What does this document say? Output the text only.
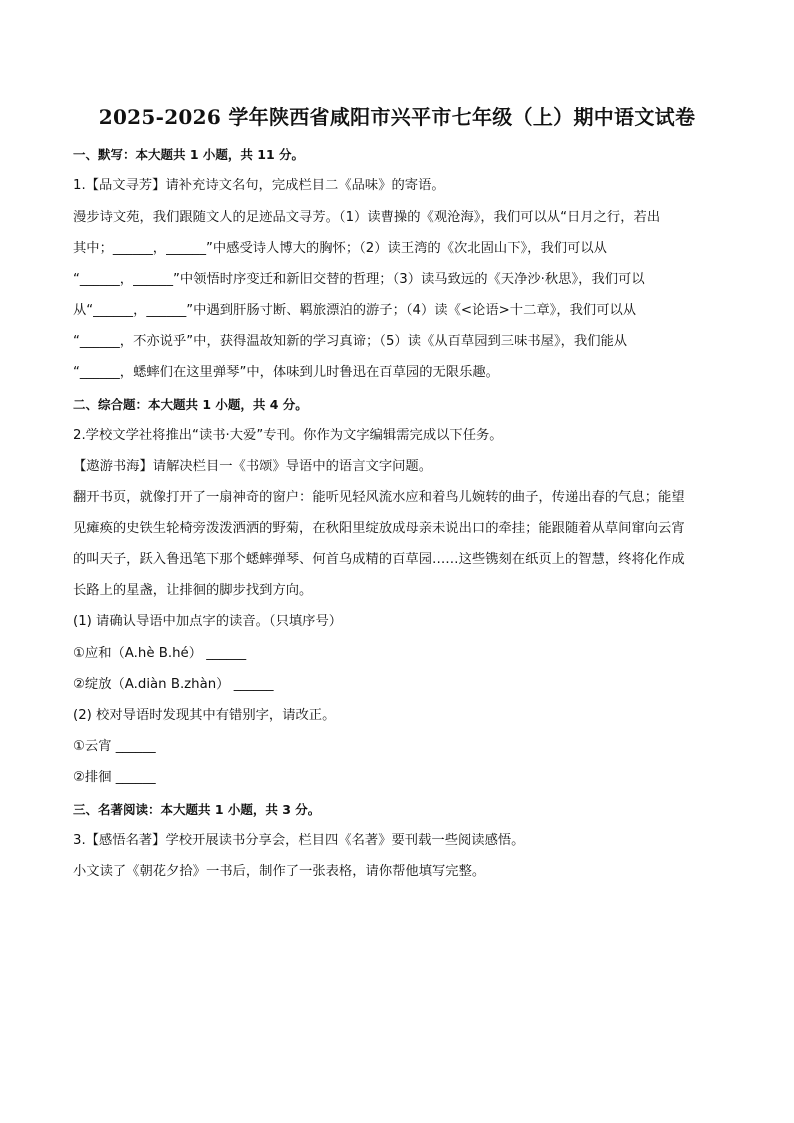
2025-2026 学年陕西省咸阳市兴平市七年级（上）期中语文试卷
一、默写：本大题共 1 小题，共 11 分。
1.【品文寻芳】请补充诗文名句，完成栏目二《品味》的寄语。
漫步诗文苑，我们跟随文人的足迹品文寻芳。（1）读曹操的《观沧海》，我们可以从“日月之行，若出
其中；______，______”中感受诗人博大的胸怀；（2）读王湾的《次北固山下》，我们可以从
“______，______”中领悟时序变迁和新旧交替的哲理；（3）读马致远的《天净沙·秋思》，我们可以
从“______，______”中遇到肝肠寸断、羁旅漂泊的游子；（4）读《<论语>十二章》，我们可以从
“______，不亦说乎”中，获得温故知新的学习真谛；（5）读《从百草园到三味书屋》，我们能从
“______，蟋蟀们在这里弹琴”中，体味到儿时鲁迅在百草园的无限乐趣。
二、综合题：本大题共 1 小题，共 4 分。
2.学校文学社将推出“读书·大爱”专刊。你作为文字编辑需完成以下任务。
【遨游书海】请解决栏目一《书颂》导语中的语言文字问题。
翻开书页，就像打开了一扇神奇的窗户：能听见轻风流水应和着鸟儿婉转的曲子，传递出春的气息；能望
见瘫痪的史铁生轮椅旁泼泼洒洒的野菊，在秋阳里绽放成母亲未说出口的牵挂；能跟随着从草间窜向云宵
的叫天子，跃入鲁迅笔下那个蟋蟀弹琴、何首乌成精的百草园……这些镌刻在纸页上的智慧，终将化作成
长路上的星盏，让排徊的脚步找到方向。
(1) 请确认导语中加点字的读音。（只填序号）
①应和（A.hè B.hé） ______
②绽放（A.diàn B.zhàn） ______
(2) 校对导语时发现其中有错别字，请改正。
①云宵 ______
②排徊 ______
三、名著阅读：本大题共 1 小题，共 3 分。
3.【感悟名著】学校开展读书分享会，栏目四《名著》要刊载一些阅读感悟。
小文读了《朝花夕拾》一书后，制作了一张表格，请你帮他填写完整。
